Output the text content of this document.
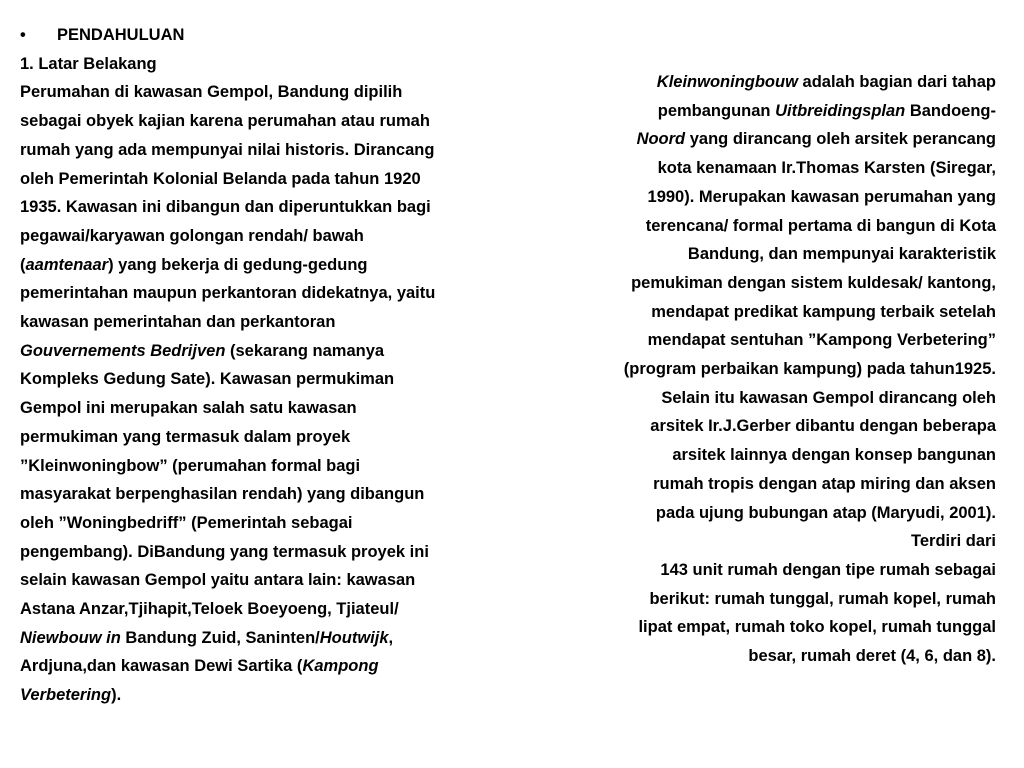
• PENDAHULUAN
1. Latar Belakang
Perumahan di kawasan Gempol, Bandung dipilih
sebagai obyek kajian karena perumahan atau rumah
rumah yang ada mempunyai nilai historis. Dirancang
oleh Pemerintah Kolonial Belanda pada tahun 1920
1935. Kawasan ini dibangun dan diperuntukkan bagi
pegawai/karyawan golongan rendah/ bawah
(aamtenaar) yang bekerja di gedung-gedung
pemerintahan maupun perkantoran didekatnya, yaitu
kawasan pemerintahan dan perkantoran
Gouvernements Bedrijven (sekarang namanya
Kompleks Gedung Sate). Kawasan permukiman
Gempol ini merupakan salah satu kawasan
permukiman yang termasuk dalam proyek
”Kleinwoningbow” (perumahan formal bagi
masyarakat berpenghasilan rendah) yang dibangun
oleh ”Woningbedriff” (Pemerintah sebagai
pengembang). DiBandung yang termasuk proyek ini
selain kawasan Gempol yaitu antara lain: kawasan
Astana Anzar,Tjihapit,Teloek Boeyoeng, Tjiateul/
Niewbouw in Bandung Zuid, Saninten/Houtwijk,
Ardjuna,dan kawasan Dewi Sartika (Kampong
Verbetering).
Kleinwoningbouw adalah bagian dari tahap
pembangunan Uitbreidingsplan Bandoeng-
Noord yang dirancang oleh arsitek perancang
kota kenamaan Ir.Thomas Karsten (Siregar,
1990). Merupakan kawasan perumahan yang
terencana/ formal pertama di bangun di Kota
Bandung, dan mempunyai karakteristik
pemukiman dengan sistem kuldesak/ kantong,
mendapat predikat kampung terbaik setelah
mendapat sentuhan ”Kampong Verbetering”
(program perbaikan kampung) pada tahun1925.
Selain itu kawasan Gempol dirancang oleh
arsitek Ir.J.Gerber dibantu dengan beberapa
arsitek lainnya dengan konsep bangunan
rumah tropis dengan atap miring dan aksen
pada ujung bubungan atap (Maryudi, 2001).
Terdiri dari
143 unit rumah dengan tipe rumah sebagai
berikut: rumah tunggal, rumah kopel, rumah
lipat empat, rumah toko kopel, rumah tunggal
besar, rumah deret (4, 6, dan 8).
